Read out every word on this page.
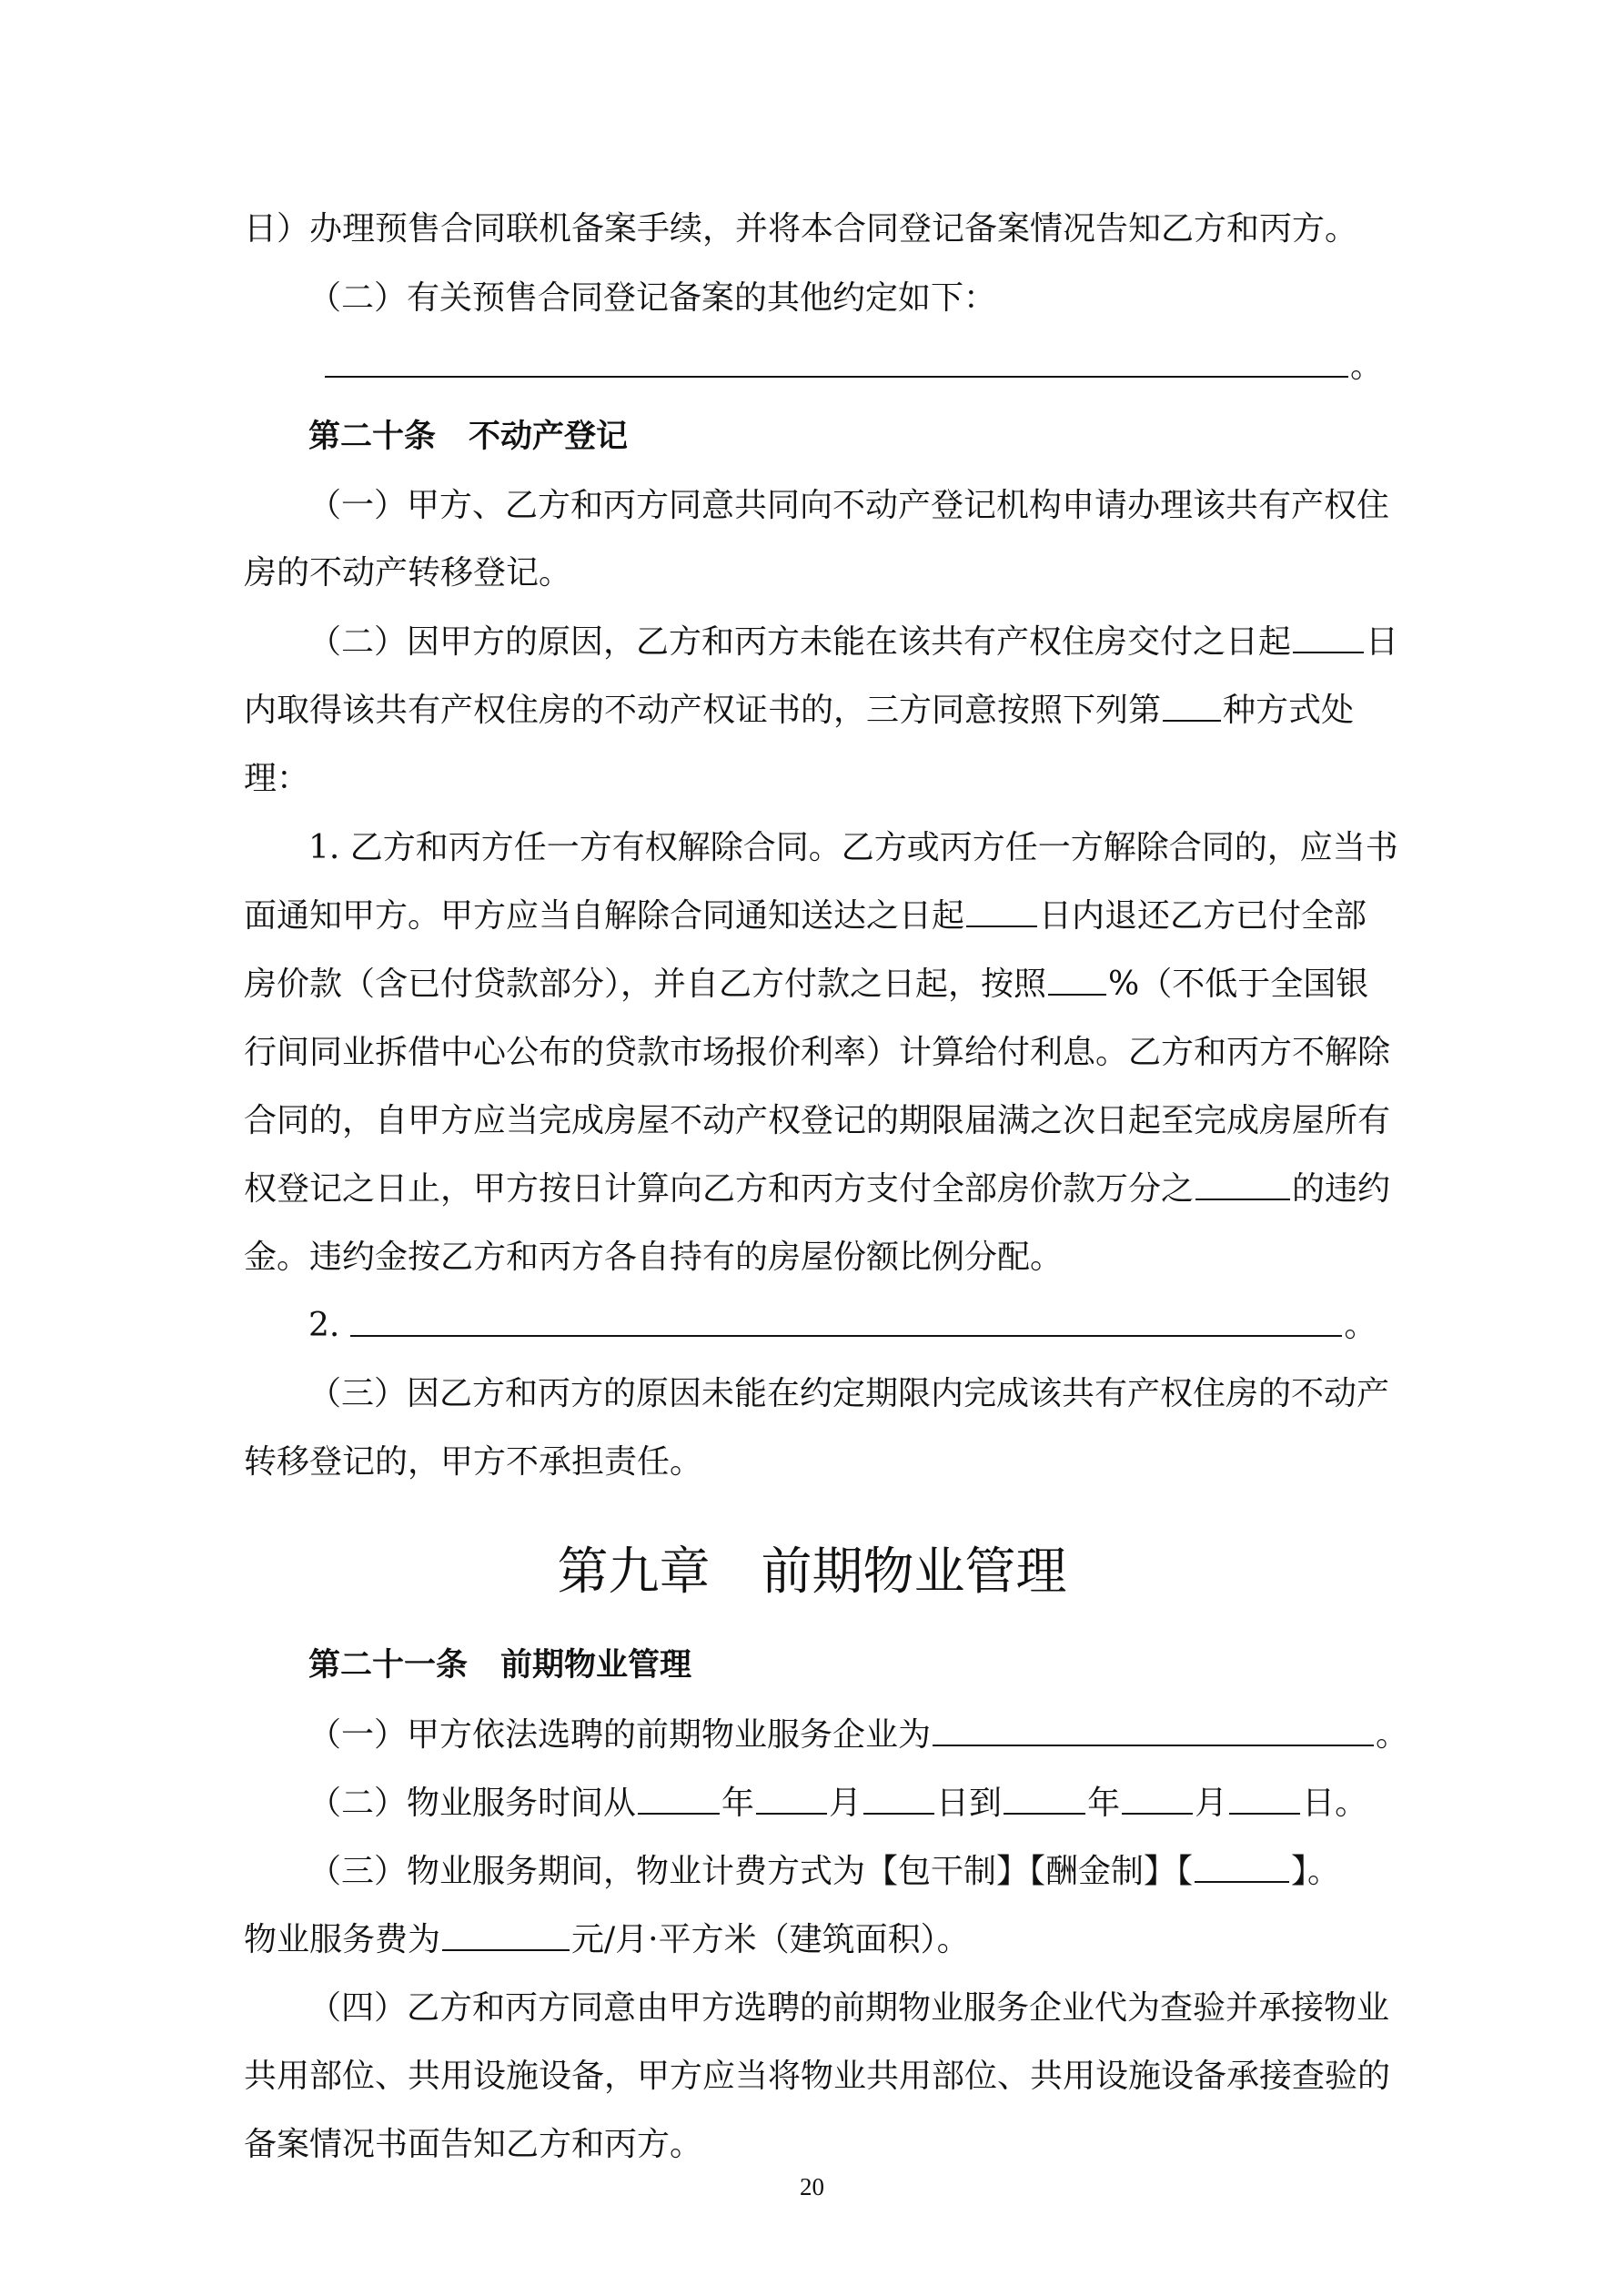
日）办理预售合同联机备案手续，并将本合同登记备案情况告知乙方和丙方。
（二）有关预售合同登记备案的其他约定如下：
。
第二十条 不动产登记
（一）甲方、乙方和丙方同意共同向不动产登记机构申请办理该共有产权住
房的不动产转移登记。
（二）因甲方的原因，乙方和丙方未能在该共有产权住房交付之日起 日
内取得该共有产权住房的不动产权证书的，三方同意按照下列第 种方式处
理：
1. 乙方和丙方任一方有权解除合同。乙方或丙方任一方解除合同的，应当书
面通知甲方。甲方应当自解除合同通知送达之日起 日内退还乙方已付全部
房价款（含已付贷款部分），并自乙方付款之日起，按照 %（不低于全国银
行间同业拆借中心公布的贷款市场报价利率）计算给付利息。乙方和丙方不解除
合同的，自甲方应当完成房屋不动产权登记的期限届满之次日起至完成房屋所有
权登记之日止，甲方按日计算向乙方和丙方支付全部房价款万分之	的违约
金。违约金按乙方和丙方各自持有的房屋份额比例分配。
2.	。
（三）因乙方和丙方的原因未能在约定期限内完成该共有产权住房的不动产
转移登记的，甲方不承担责任。
第九章　前期物业管理
第二十一条 前期物业管理
（一）甲方依法选聘的前期物业服务企业为	。
（二）物业服务时间从	年 月 日到	年 月 日。
（三）物业服务期间，物业计费方式为【包干制】【酬金制】【	】。
物业服务费为	元/月·平方米（建筑面积）。
（四）乙方和丙方同意由甲方选聘的前期物业服务企业代为查验并承接物业
共用部位、共用设施设备，甲方应当将物业共用部位、共用设施设备承接查验的
备案情况书面告知乙方和丙方。
20
